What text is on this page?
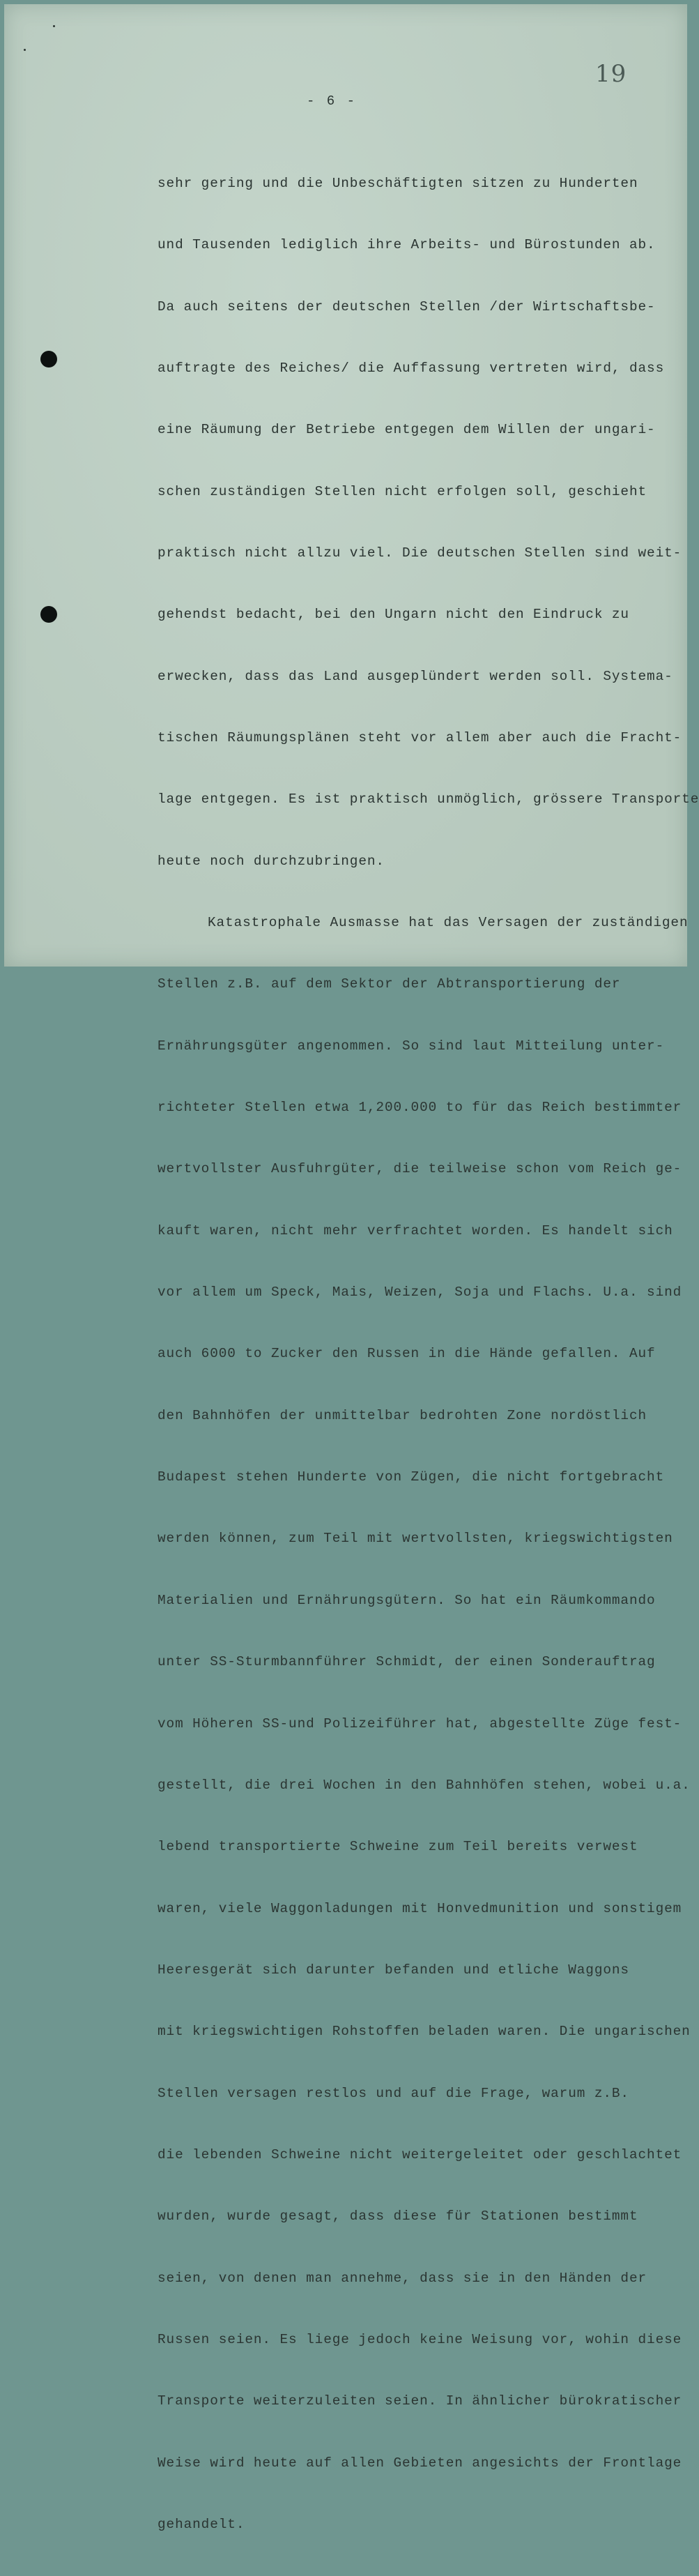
19
- 6 -

sehr gering und die Unbeschäftigten sitzen zu Hunderten

und Tausenden lediglich ihre Arbeits- und Bürostunden ab.

Da auch seitens der deutschen Stellen /der Wirtschaftsbe-

auftragte des Reiches/ die Auffassung vertreten wird, dass

eine Räumung der Betriebe entgegen dem Willen der ungari-

schen zuständigen Stellen nicht erfolgen soll, geschieht

praktisch nicht allzu viel. Die deutschen Stellen sind weit-

gehendst bedacht, bei den Ungarn nicht den Eindruck zu

erwecken, dass das Land ausgeplündert werden soll. Systema-

tischen Räumungsplänen steht vor allem aber auch die Fracht-

lage entgegen. Es ist praktisch unmöglich, grössere Transporte

heute noch durchzubringen.

Katastrophale Ausmasse hat das Versagen der zuständigen

Stellen z.B. auf dem Sektor der Abtransportierung der

Ernährungsgüter angenommen. So sind laut Mitteilung unter-

richteter Stellen etwa 1,200.000 to für das Reich bestimmter

wertvollster Ausfuhrgüter, die teilweise schon vom Reich ge-

kauft waren, nicht mehr verfrachtet worden. Es handelt sich

vor allem um Speck, Mais, Weizen, Soja und Flachs. U.a. sind

auch 6000 to Zucker den Russen in die Hände gefallen. Auf

den Bahnhöfen der unmittelbar bedrohten Zone nordöstlich

Budapest stehen Hunderte von Zügen, die nicht fortgebracht

werden können, zum Teil mit wertvollsten, kriegswichtigsten

Materialien und Ernährungsgütern. So hat ein Räumkommando

unter SS-Sturmbannführer Schmidt, der einen Sonderauftrag

vom Höheren SS-und Polizeiführer hat, abgestellte Züge fest-

gestellt, die drei Wochen in den Bahnhöfen stehen, wobei u.a.

lebend transportierte Schweine zum Teil bereits verwest

waren, viele Waggonladungen mit Honvedmunition und sonstigem

Heeresgerät sich darunter befanden und etliche Waggons

mit kriegswichtigen Rohstoffen beladen waren. Die ungarischen

Stellen versagen restlos und auf die Frage, warum z.B.

die lebenden Schweine nicht weitergeleitet oder geschlachtet

wurden, wurde gesagt, dass diese für Stationen bestimmt

seien, von denen man annehme, dass sie in den Händen der

Russen seien. Es liege jedoch keine Weisung vor, wohin diese

Transporte weiterzuleiten seien. In ähnlicher bürokratischer

Weise wird heute auf allen Gebieten angesichts der Frontlage

gehandelt.
